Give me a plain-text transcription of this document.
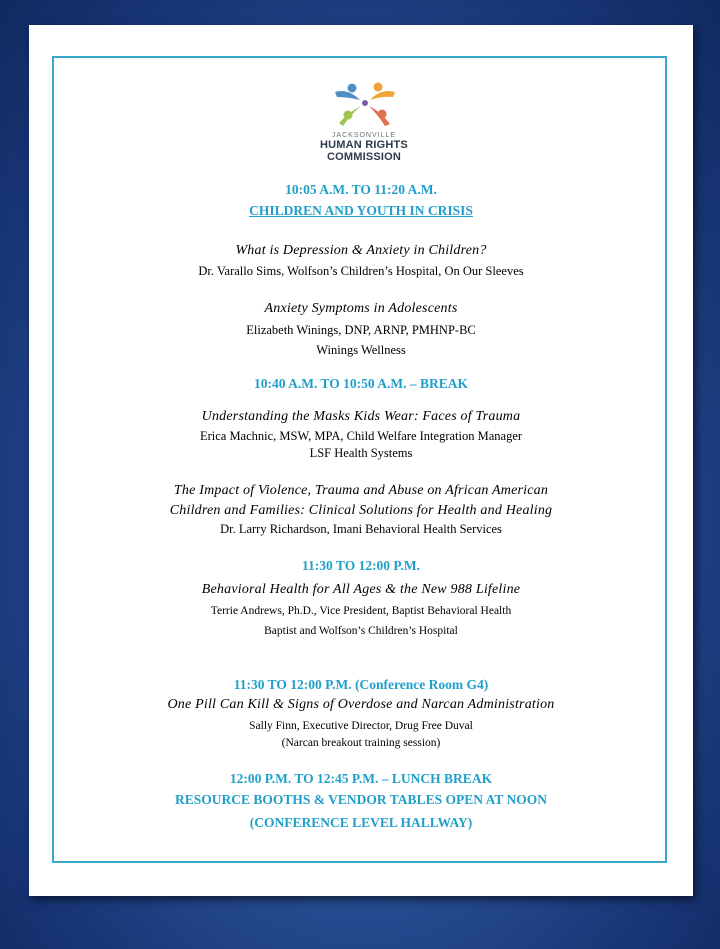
JACKSONVILLE
HUMAN RIGHTS
COMMISSION
10:05 A.M. TO 11:20 A.M.
CHILDREN AND YOUTH IN CRISIS
What is Depression & Anxiety in Children?
Dr. Varallo Sims, Wolfson’s Children’s Hospital, On Our Sleeves
Anxiety Symptoms in Adolescents
Elizabeth Winings, DNP, ARNP, PMHNP-BC
Winings Wellness
10:40 A.M. TO 10:50 A.M. – BREAK
Understanding the Masks Kids Wear: Faces of Trauma
Erica Machnic, MSW, MPA, Child Welfare Integration Manager
LSF Health Systems
The Impact of Violence, Trauma and Abuse on African American
Children and Families: Clinical Solutions for Health and Healing
Dr. Larry Richardson, Imani Behavioral Health Services
11:30 TO 12:00 P.M.
Behavioral Health for All Ages & the New 988 Lifeline
Terrie Andrews, Ph.D., Vice President, Baptist Behavioral Health
Baptist and Wolfson’s Children’s Hospital
11:30 TO 12:00 P.M. (Conference Room G4)
One Pill Can Kill & Signs of Overdose and Narcan Administration
Sally Finn, Executive Director, Drug Free Duval
(Narcan breakout training session)
12:00 P.M. TO 12:45 P.M. – LUNCH BREAK
RESOURCE BOOTHS & VENDOR TABLES OPEN AT NOON
(CONFERENCE LEVEL HALLWAY)
